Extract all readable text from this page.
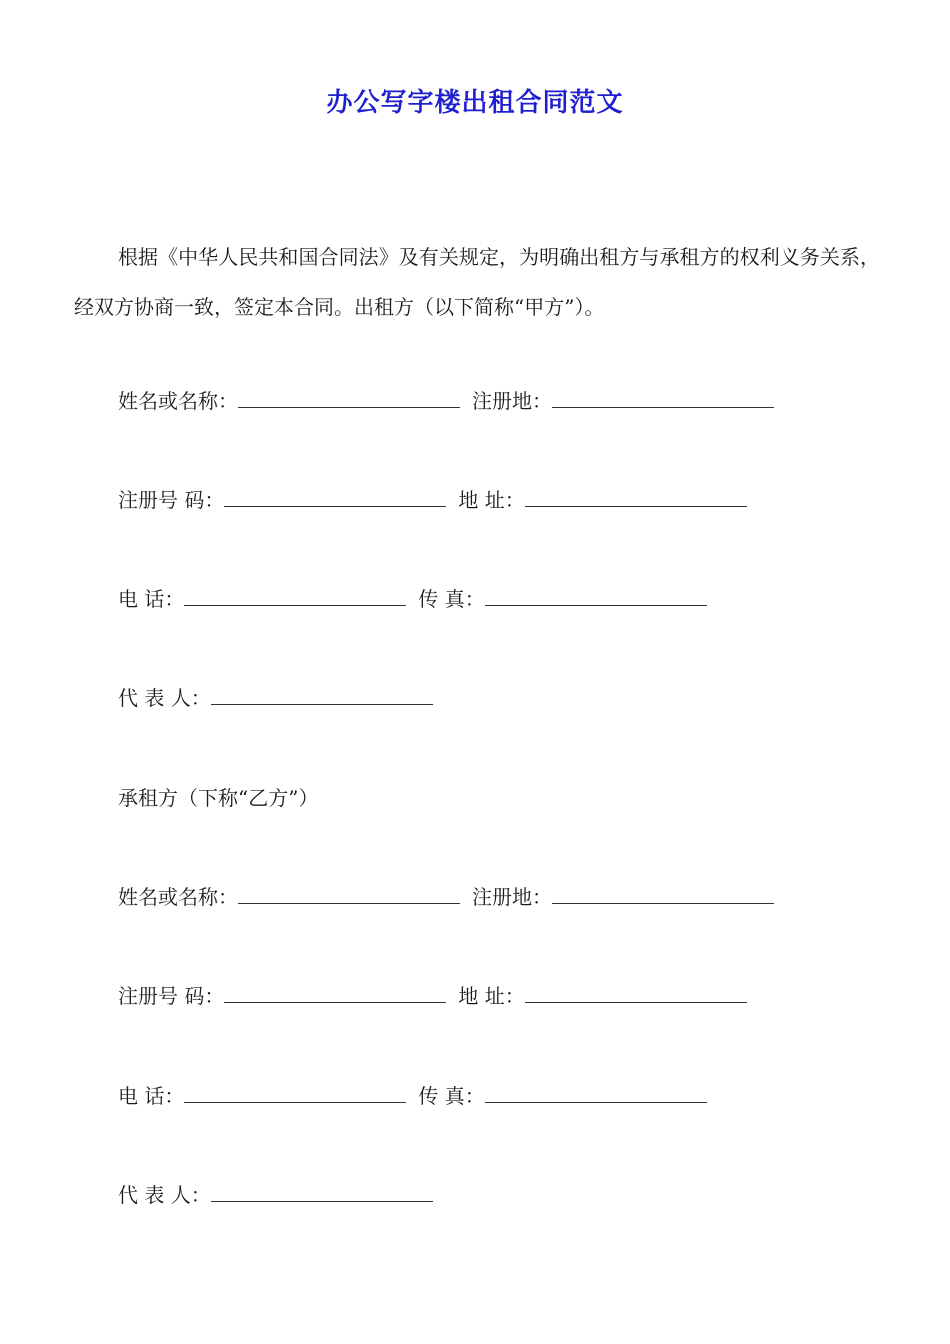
办公写字楼出租合同范文
根据《中华人民共和国合同法》及有关规定，为明确出租方与承租方的权利义务关系，经双方协商一致，签定本合同。出租方（以下简称“甲方”）。
姓名或名称：	注册地：
注册号 码：	地 址：
电 话：	传 真：
代 表 人：
承租方（下称“乙方”）
姓名或名称：	注册地：
注册号 码：	地 址：
电 话：	传 真：
代 表 人：
